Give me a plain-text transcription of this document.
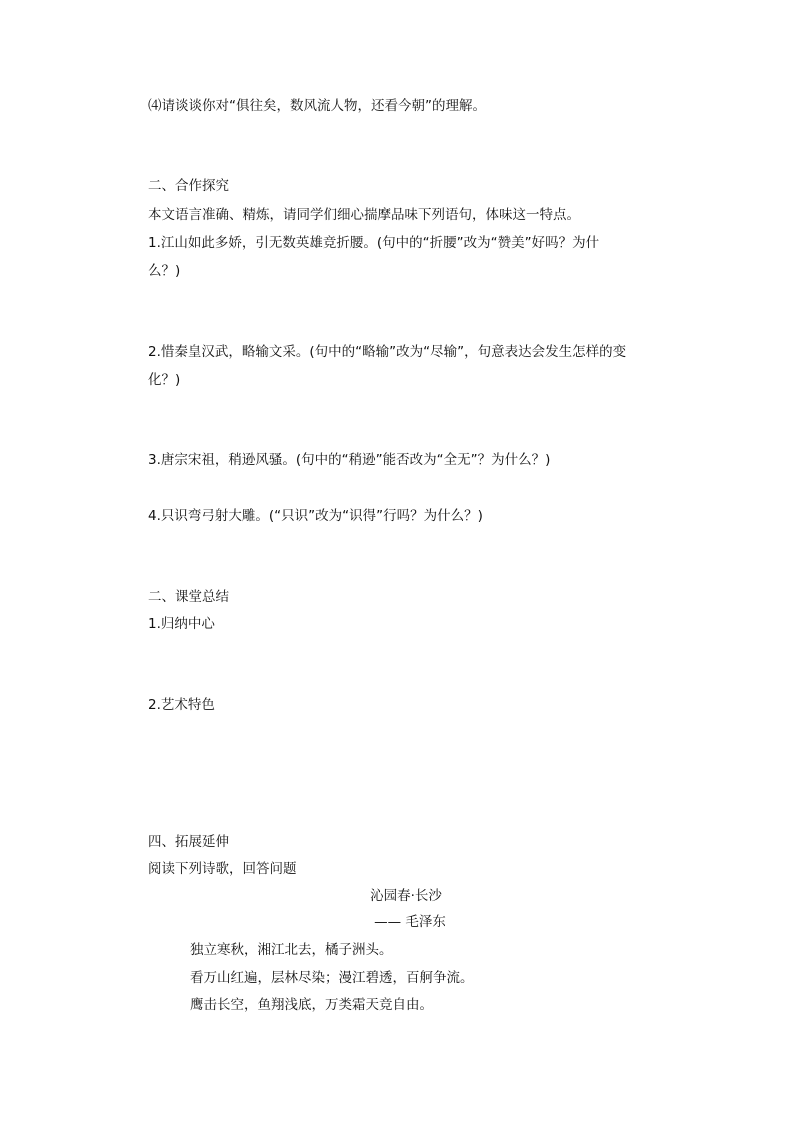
⑷请谈谈你对“俱往矣，数风流人物，还看今朝”的理解。
二、合作探究
本文语言准确、精炼，请同学们细心揣摩品味下列语句，体味这一特点。
1.江山如此多娇，引无数英雄竞折腰。(句中的“折腰”改为“赞美”好吗？为什
么？)
2.惜秦皇汉武，略输文采。(句中的“略输”改为“尽输”，句意表达会发生怎样的变
化？)
3.唐宗宋祖，稍逊风骚。(句中的“稍逊”能否改为“全无”？为什么？)
4.只识弯弓射大雕。(“只识”改为“识得”行吗？为什么？)
二、课堂总结
1.归纳中心
2.艺术特色
四、拓展延伸
阅读下列诗歌，回答问题
沁园春·长沙
—— 毛泽东
独立寒秋，湘江北去，橘子洲头。
看万山红遍，层林尽染；漫江碧透，百舸争流。
鹰击长空，鱼翔浅底，万类霜天竞自由。
